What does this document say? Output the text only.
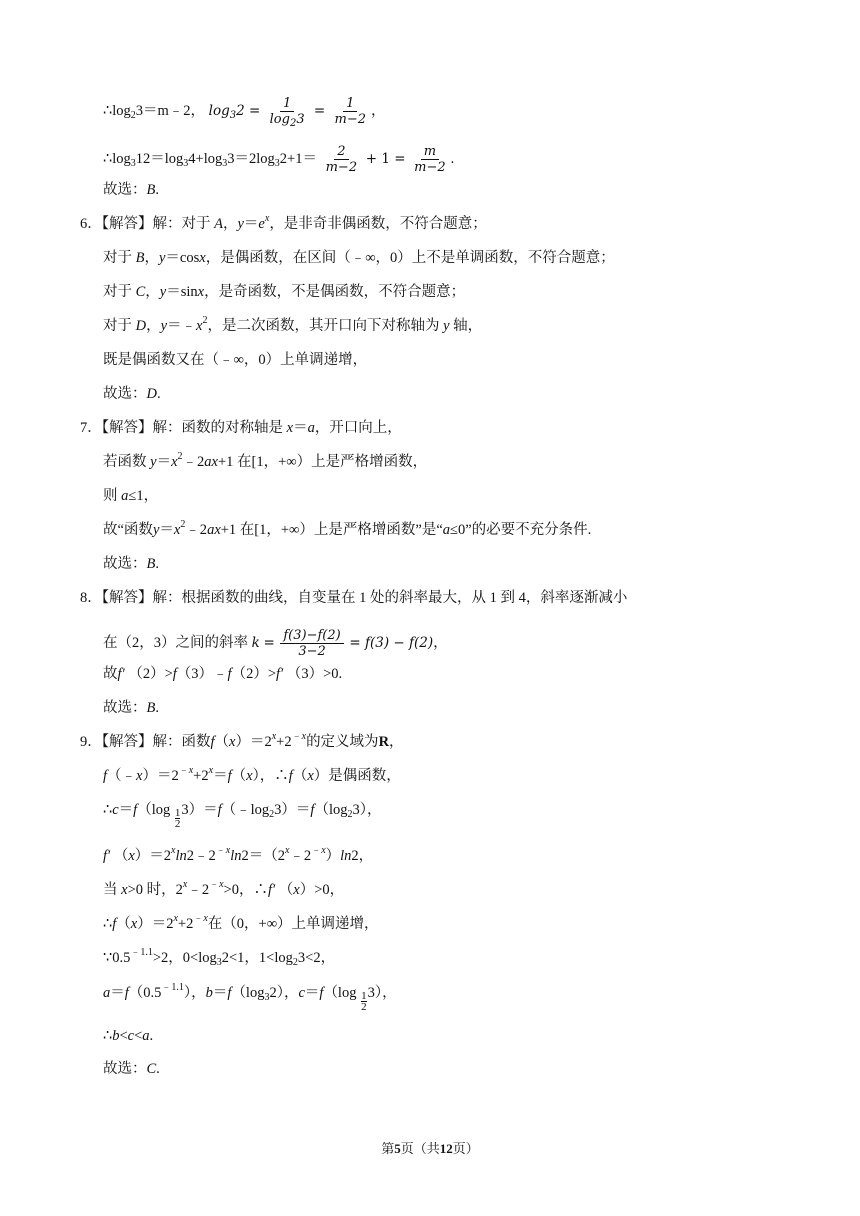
$\therefore\log_23=m﹣2$， $\log_32 = \frac{1}{\log_23} = \frac{1}{m-2}$ ，
$\therefore\log_312=\log_34+\log_33=2\log_32+1= \frac{2}{m-2} + 1 = \frac{m}{m-2}$ .
故选：B.
6．【解答】解：对于 A，$y=e^x$，是非奇非偶函数，不符合题意；
对于 B，y＝cosx，是偶函数，在区间（﹣∞，0）上不是单调函数，不符合题意；
对于 C，y＝sinx，是奇函数，不是偶函数，不符合题意；
对于 D，$y=﹣x^2$，是二次函数，其开口向下对称轴为 y 轴，
既是偶函数又在（﹣∞，0）上单调递增，
故选：D.
7．【解答】解：函数的对称轴是 x＝a，开口向上，
若函数 $y=x^2﹣2ax+1$ 在[1，+∞）上是严格增函数，
则 a≤1，
故“函数$y=x^2﹣2ax+1$ 在[1，+∞）上是严格增函数”是“a≤0”的必要不充分条件.
故选：B.
8．【解答】解：根据函数的曲线，自变量在 1 处的斜率最大，从 1 到 4，斜率逐渐减小
在（2，3）之间的斜率 $k = \frac{f(3)-f(2)}{3-2} = f(3) - f(2)$，
故f′ （2）>f（3）﹣f（2）>f′ （3）>0.
故选：B.
9．【解答】解：函数$f(x)=2^x+2^{﹣x}$的定义域为R，
$f(﹣x)=2^{﹣x}+2^x=f(x)$，∴f（x）是偶函数，
∴c＝f（log $\frac{1}{2}$ $3)=f(﹣\log_23)=f(\log_23)$，
f′ $(x)=2^x\ln 2﹣2^{﹣x}\ln 2=(2^x﹣2^{﹣x})\ln 2$，
当 x>0 时，$2^x﹣2^{﹣x}>0$，∴f′ （x）>0，
$\therefore f(x)=2^x+2^{﹣x}$在（0，+∞）上单调递增，
$\because 0.5^{﹣1.1}>2$，$0<\log_32<1$，$1<\log_23<2$，
$a=f(0.5^{﹣1.1})$，$b=f(\log_32)$，$c=f(\log \frac{1}{2} 3)$，
∴b<c<a.
故选：C.
第5页（共12页）
